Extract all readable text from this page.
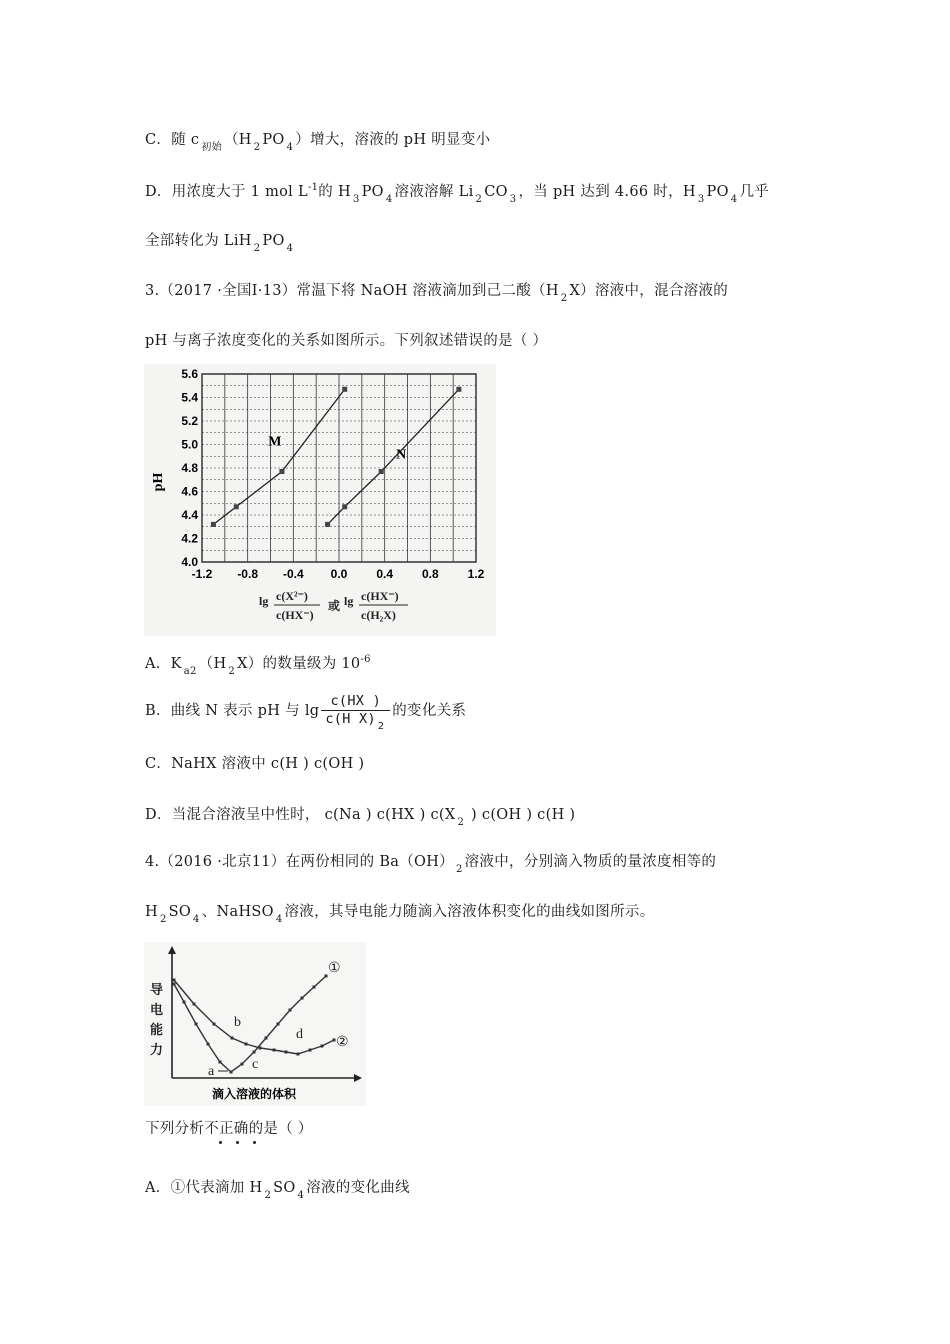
C．随 c $_{初始}$ （H $_2$ PO $_4$ ）增大，溶液的 pH 明显变小
D．用浓度大于 1 mol $L^{-1}$的 H $_3$ PO $_4$ 溶液溶解 Li $_2$ CO $_3$ ，当 pH 达到 4.66 时，H $_3$ PO $_4$ 几乎
全部转化为 LiH $_2$ PO $_4$
3.（2017 ·全国Ⅰ·13）常温下将 NaOH 溶液滴加到己二酸（H $_2$ X）溶液中，混合溶液的
pH 与离子浓度变化的关系如图所示。下列叙述错误的是（ ）
-1.2 -0.8 -0.4 0.0 0.4 0.8 1.2
4.0
4.2
4.4
4.6
4.8
5.0
5.2
5.4
5.6
M
N
pH
lg c(X²⁻)
c(HX⁻)
或 lg c(HX⁻)
c(H₂X)
A．K $_{a2}$ （H $_2$ X）的数量级为 $10^{-6}$
B．曲线 N 表示 pH 与 $\lg \frac{c(HX )}{c(H X) _2}$ 的变化关系
C．NaHX 溶液中 c(H ) c(OH )
D．当混合溶液呈中性时， c(Na ) c(HX ) c(X $_2$ ) c(OH ) c(H )
4.（2016 ·北京11）在两份相同的 Ba（OH） $_2$ 溶液中，分别滴入物质的量浓度相等的
H $_2$ SO $_4$ 、NaHSO $_4$ 溶液，其导电能力随滴入溶液体积变化的曲线如图所示。
导
电
能
力
滴入溶液的体积
①
②
a
b
c
d
下列分析不正确的是（ ）
A．①代表滴加 H $_2$ SO $_4$ 溶液的变化曲线
